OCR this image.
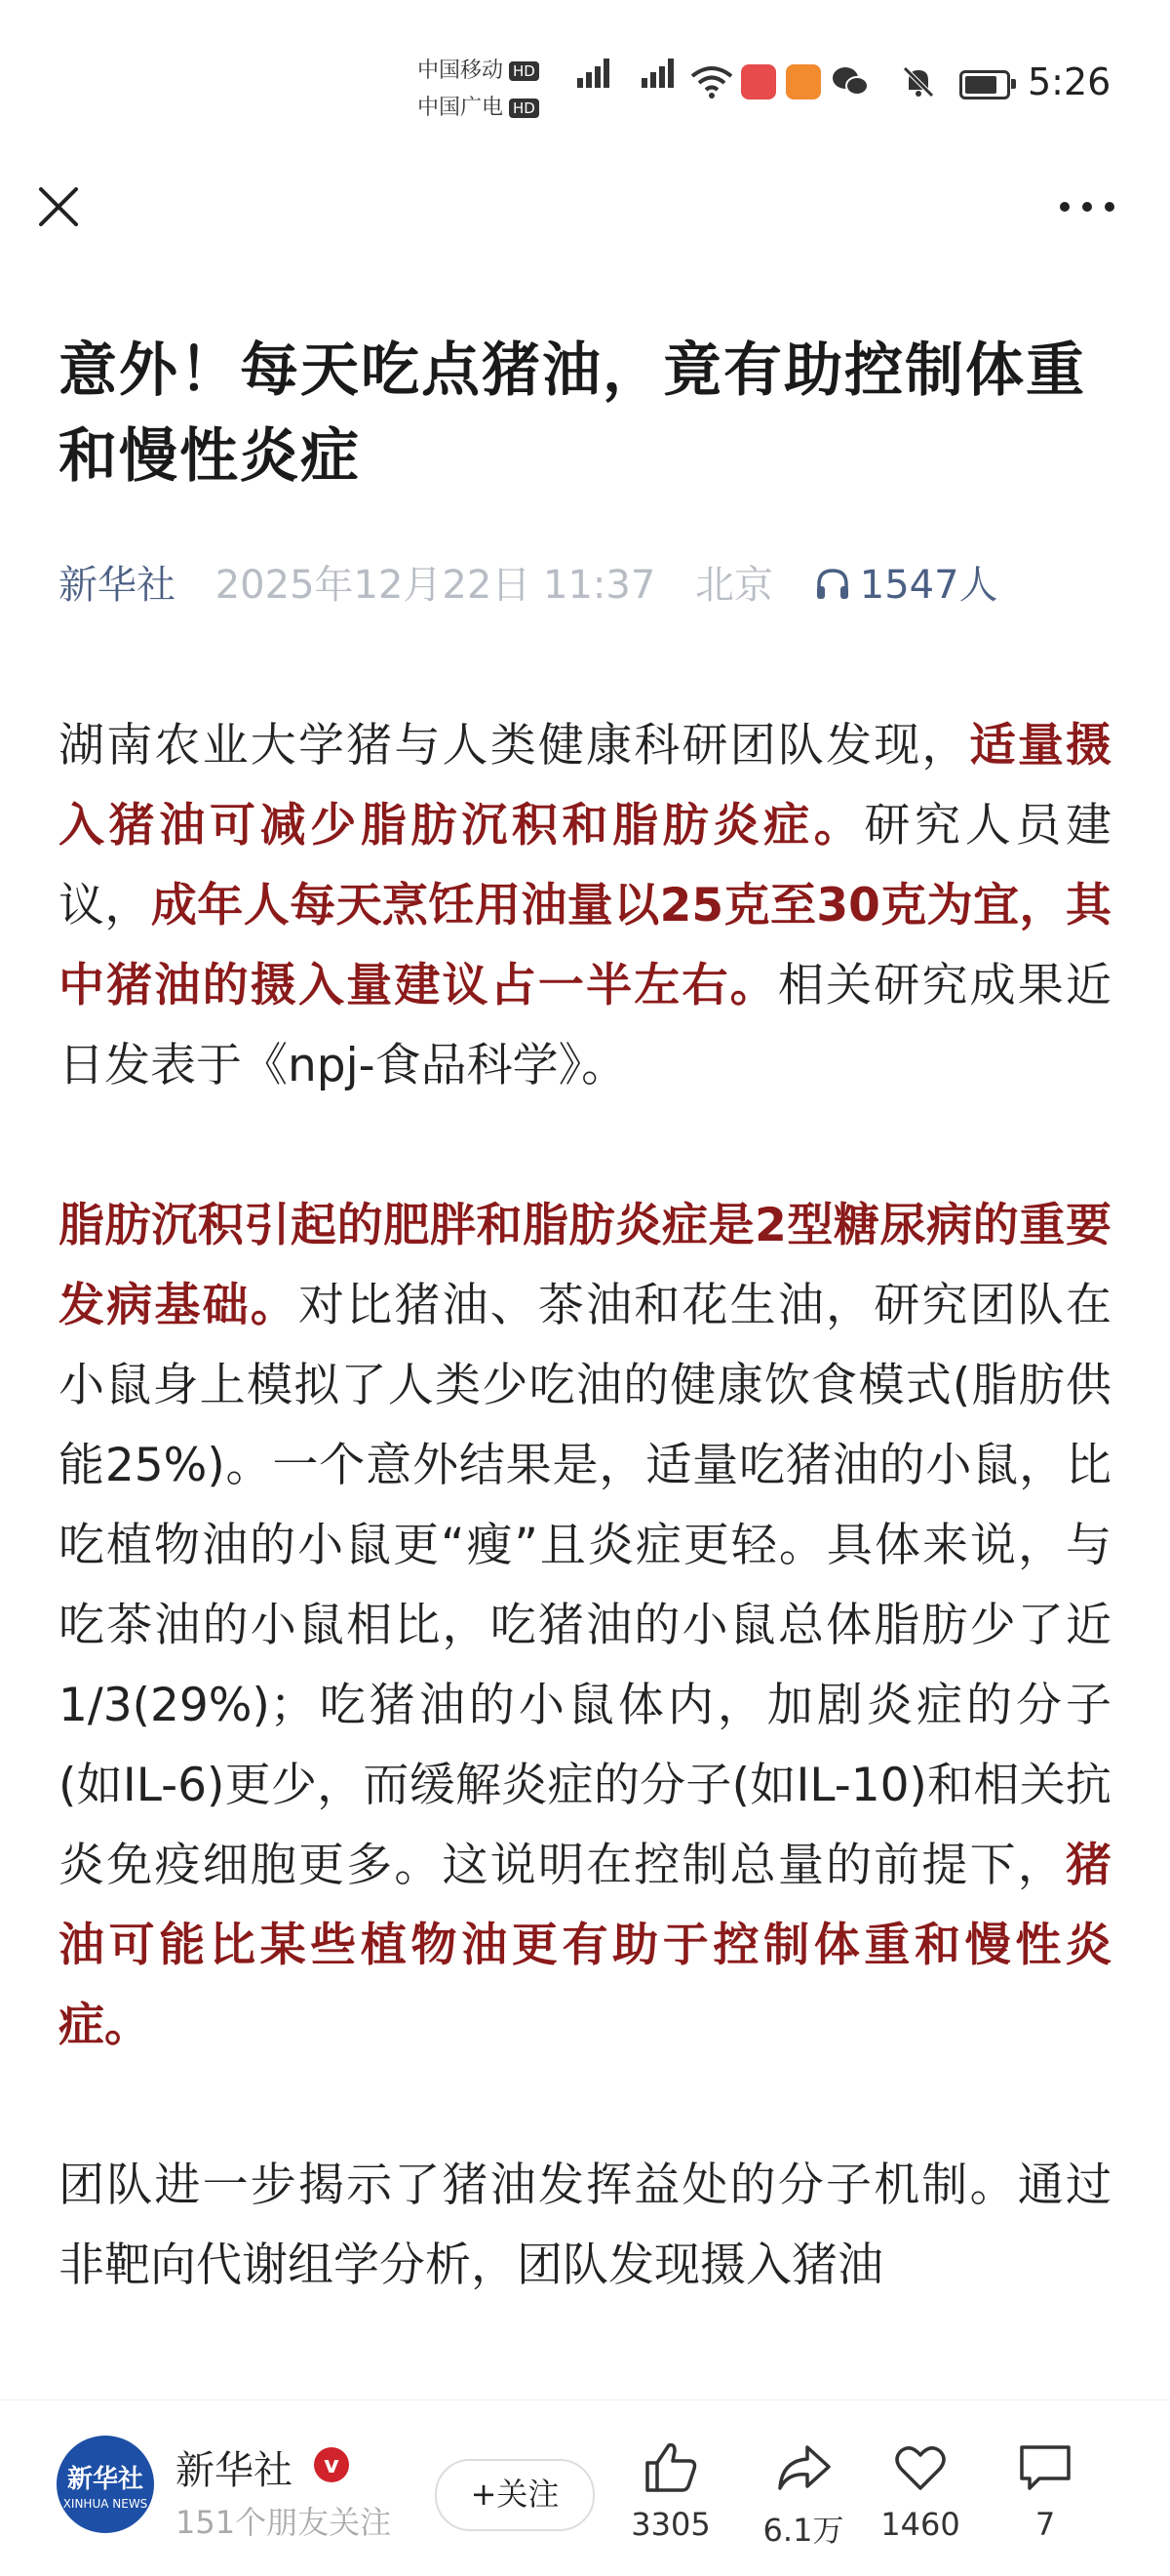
中国移动 HD
中国广电 HD
5:26
意外！每天吃点猪油，竟有助控制体重和慢性炎症
新华社 2025年12月22日 11:37 北京 1547人

湖南农业大学猪与人类健康科研团队发现，适量摄入猪油可减少脂肪沉积和脂肪炎症。研究人员建议，成年人每天烹饪用油量以25克至30克为宜，其中猪油的摄入量建议占一半左右。相关研究成果近日发表于《npj-食品科学》。

脂肪沉积引起的肥胖和脂肪炎症是2型糖尿病的重要发病基础。对比猪油、茶油和花生油，研究团队在小鼠身上模拟了人类少吃油的健康饮食模式(脂肪供能25%)。一个意外结果是，适量吃猪油的小鼠，比吃植物油的小鼠更“瘦”且炎症更轻。具体来说，与吃茶油的小鼠相比，吃猪油的小鼠总体脂肪少了近1/3(29%)；吃猪油的小鼠体内，加剧炎症的分子(如IL-6)更少，而缓解炎症的分子(如IL-10)和相关抗炎免疫细胞更多。这说明在控制总量的前提下，猪油可能比某些植物油更有助于控制体重和慢性炎症。

团队进一步揭示了猪油发挥益处的分子机制。通过非靶向代谢组学分析，团队发现摄入猪油

新华社
XINHUA NEWS
新华社	v
151个朋友关注
+关注
3305	6.1万	1460	7
